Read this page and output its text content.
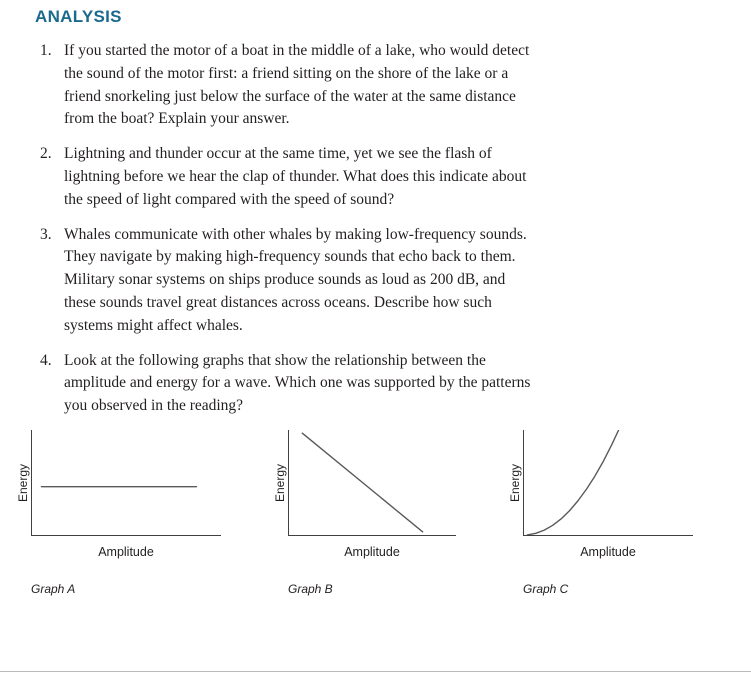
ANALYSIS
1. If you started the motor of a boat in the middle of a lake, who would detect the sound of the motor first: a friend sitting on the shore of the lake or a friend snorkeling just below the surface of the water at the same distance from the boat? Explain your answer.
2. Lightning and thunder occur at the same time, yet we see the flash of lightning before we hear the clap of thunder. What does this indicate about the speed of light compared with the speed of sound?
3. Whales communicate with other whales by making low-frequency sounds. They navigate by making high-frequency sounds that echo back to them. Military sonar systems on ships produce sounds as loud as 200 dB, and these sounds travel great distances across oceans. Describe how such systems might affect whales.
4. Look at the following graphs that show the relationship between the amplitude and energy for a wave. Which one was supported by the patterns you observed in the reading?
Energy
Amplitude
Graph A
Energy
Amplitude
Graph B
Energy
Amplitude
Graph C
